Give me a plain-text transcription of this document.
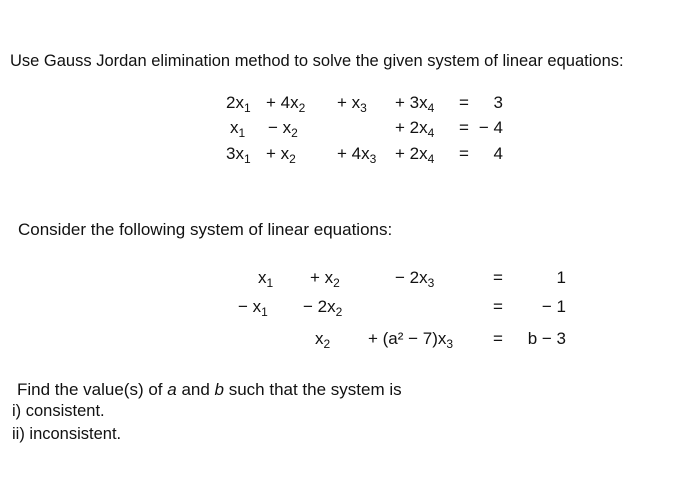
Use Gauss Jordan elimination method to solve the given system of linear equations:
$2x_1 + 4x_2 + x_3 + 3x_4 = 3$
$x_1 - x_2$	+ $2x_4$ = − 4
$3x_1 + x_2 + 4x_3 + 2x_4 = 4$
Consider the following system of linear equations:
$x_1 + x_2$	− $2x_3$	=	1
− $x_1 - 2x_2$	= − 1
$x_2 + (a^2 - 7)x_3 = b - 3$
Find the value(s) of a and b such that the system is
i) consistent.
ii) inconsistent.
